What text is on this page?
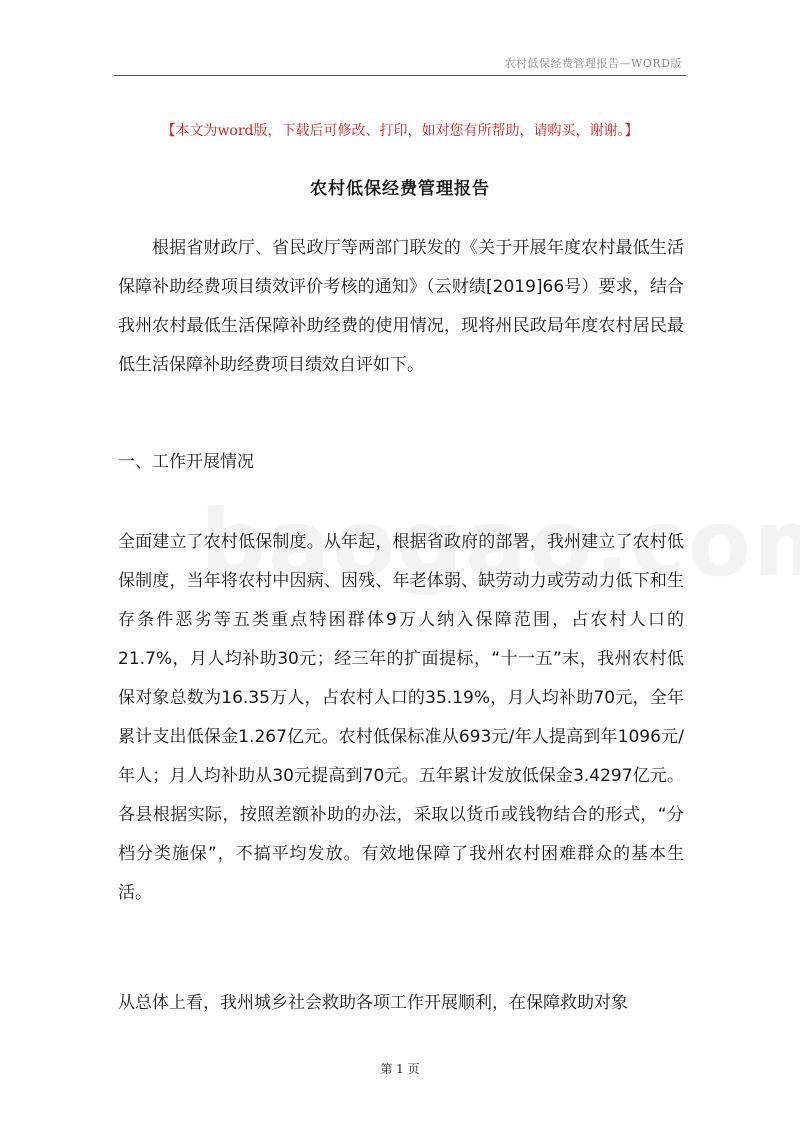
农村低保经费管理报告—WORD版
【本文为word版，下载后可修改、打印，如对您有所帮助，请购买，谢谢。】
农村低保经费管理报告
根据省财政厅、省民政厅等两部门联发的《关于开展年度农村最低生活保障补助经费项目绩效评价考核的通知》（云财绩[2019]66号）要求，结合我州农村最低生活保障补助经费的使用情况，现将州民政局年度农村居民最低生活保障补助经费项目绩效自评如下。
一、工作开展情况
全面建立了农村低保制度。从年起，根据省政府的部署，我州建立了农村低保制度，当年将农村中因病、因残、年老体弱、缺劳动力或劳动力低下和生存条件恶劣等五类重点特困群体9万人纳入保障范围，占农村人口的21.7%，月人均补助30元；经三年的扩面提标，“十一五”末，我州农村低保对象总数为16.35万人，占农村人口的35.19%，月人均补助70元，全年累计支出低保金1.267亿元。农村低保标准从693元/年人提高到年1096元/年人；月人均补助从30元提高到70元。五年累计发放低保金3.4297亿元。各县根据实际，按照差额补助的办法，采取以货币或钱物结合的形式，“分档分类施保”，不搞平均发放。有效地保障了我州农村困难群众的基本生活。
从总体上看，我州城乡社会救助各项工作开展顺利，在保障救助对象
第 1 页
